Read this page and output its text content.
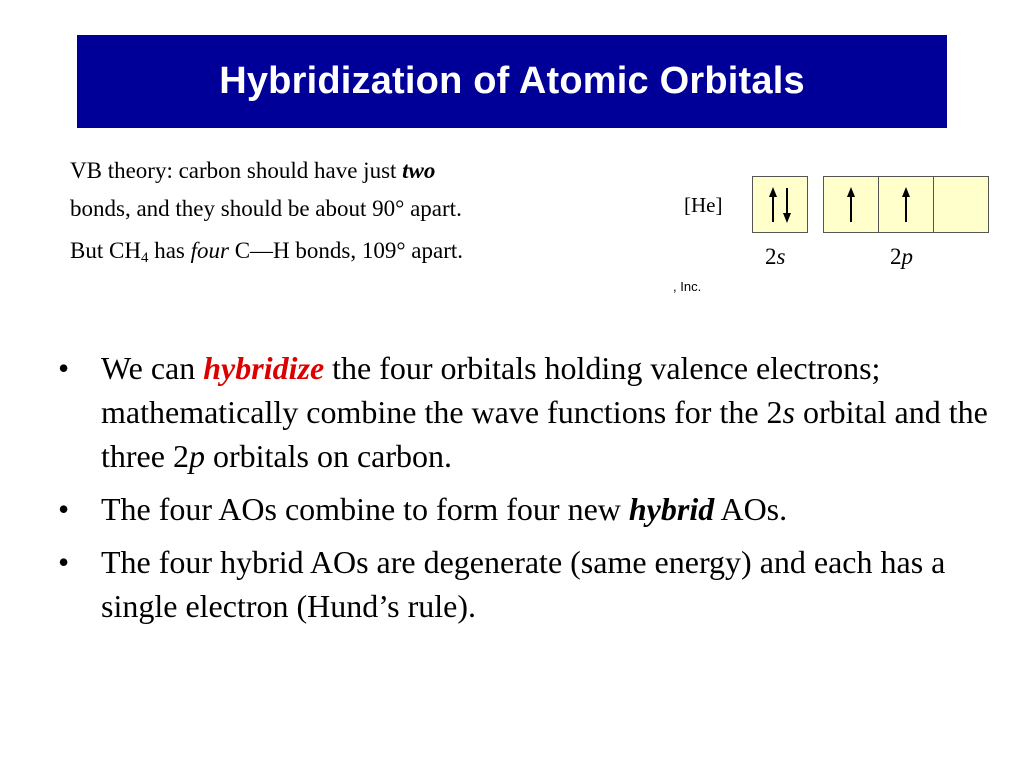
Hybridization of Atomic Orbitals

VB theory: carbon should have just two

bonds, and they should be about 90° apart.

But $CH_4$ has four C—H bonds, 109° apart.

[He]
, Inc.
2s	2p
• We can hybridize the four orbitals holding valence electrons; mathematically combine the wave functions for the 2s orbital and the three 2p orbitals on carbon.
• The four AOs combine to form four new hybrid AOs.
• The four hybrid AOs are degenerate (same energy) and each has a single electron (Hund’s rule).
